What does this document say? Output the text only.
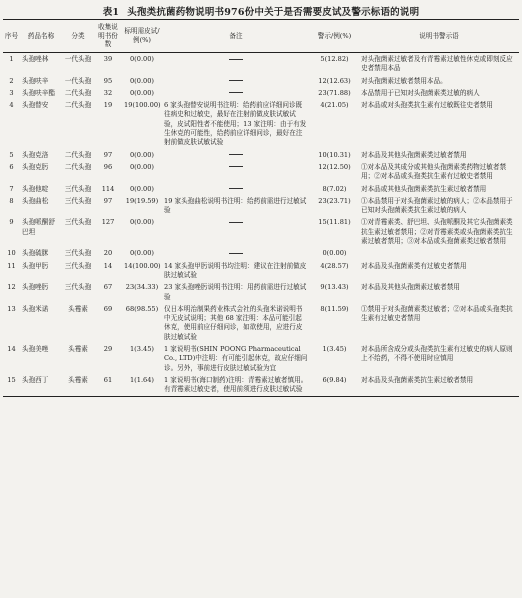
表1 头孢类抗菌药物说明书976份中关于是否需要皮试及警示标语的说明
序号	药品名称	分类	收集说明书份数	标明需皮试/例(%)	备注	警示/例(%)	说明书警示语
1	头孢唑林	一代头孢	39	0(0.00)		5(12.82)	对头孢菌素过敏者及有青霉素过敏性休克或即刻反应史者禁用本品
2	头孢呋辛	一代头孢	95	0(0.00)		12(12.63)	对头孢菌素过敏者禁用本品。
3	头孢呋辛酯	二代头孢	32	0(0.00)		23(71.88)	本品禁用于已知对头孢菌素类过敏的病人
4	头孢替安	二代头孢	19	19(100.00)	6 家头孢替安说明书注明：给药前应详细问诊既往病史和过敏史，最好在注射前做皮肤试敏试验，皮试阳性者不能使用；13 家注明：由于有发生休克的可能性，给药前应详细问诊，最好在注射前做皮肤试敏试验	4(21.05)	对本品或对头孢类抗生素有过敏既往史者禁用
5	头孢克洛	二代头孢	97	0(0.00)		10(10.31)	对本品及其他头孢菌素类过敏者禁用
6	头孢克肟	二代头孢	96	0(0.00)		12(12.50)	①对本品及其成分或其他头孢菌素类药物过敏者禁用；②对本品或头孢类抗生素有过敏史者禁用
7	头孢他啶	三代头孢	114	0(0.00)		8(7.02)	对本品或其他头孢菌素类抗生素过敏者禁用
8	头孢曲松	三代头孢	97	19(19.59)	19 家头孢曲松说明书注明：给药前需进行过敏试验	23(23.71)	①本品禁用于对头孢菌素过敏的病人；②本品禁用于已知对头孢菌素类抗生素过敏的病人
9	头孢哌酮舒巴坦	三代头孢	127	0(0.00)		15(11.81)	①对青霉素类、舒巴坦、头孢哌酮及其它头孢菌素类抗生素过敏者禁用；②对青霉素类或头孢菌素类抗生素过敏者禁用；③对本品或头孢菌素类过敏者禁用
10	头孢硫脒	三代头孢	20	0(0.00)		0(0.00)	
11	头孢甲肟	三代头孢	14	14(100.00)	14 家头孢甲肟说明书均注明：建议在注射前做皮肤过敏试验	4(28.57)	对本品及头孢菌素类有过敏史者禁用
12	头孢唑肟	三代头孢	67	23(34.33)	23 家头孢唑肟说明书注明：用药前需进行过敏试验	9(13.43)	对本品及其他头孢菌素过敏者禁用
13	头孢米诺	头霉素	69	68(98.55)	仅日本明治制果药业株式会社的头孢米诺说明书中无皮试说明；其他 68 家注明：本品可能引起休克，使用前应仔细问诊，如欲使用，应进行皮肤过敏试验	8(11.59)	①禁用于对头孢菌素类过敏者；②对本品或头孢类抗生素有过敏史者禁用
14	头孢美唑	头霉素	29	1(3.45)	1 家说明书(SHIN POONG Pharmaceutical Co., LTD)中注明：有可能引起休克，故应仔细问诊。另外，事前进行皮肤过敏试验为宜	1(3.45)	对本品所含成分或头孢类抗生素有过敏史的病人原则上不给药，不得不使用时应慎用
15	头孢西丁	头霉素	61	1(1.64)	1 家说明书(海口制药)注明：青霉素过敏者慎用。有青霉素过敏史者，使用前须进行皮肤过敏试验	6(9.84)	对本品及头孢菌素类抗生素过敏者禁用
